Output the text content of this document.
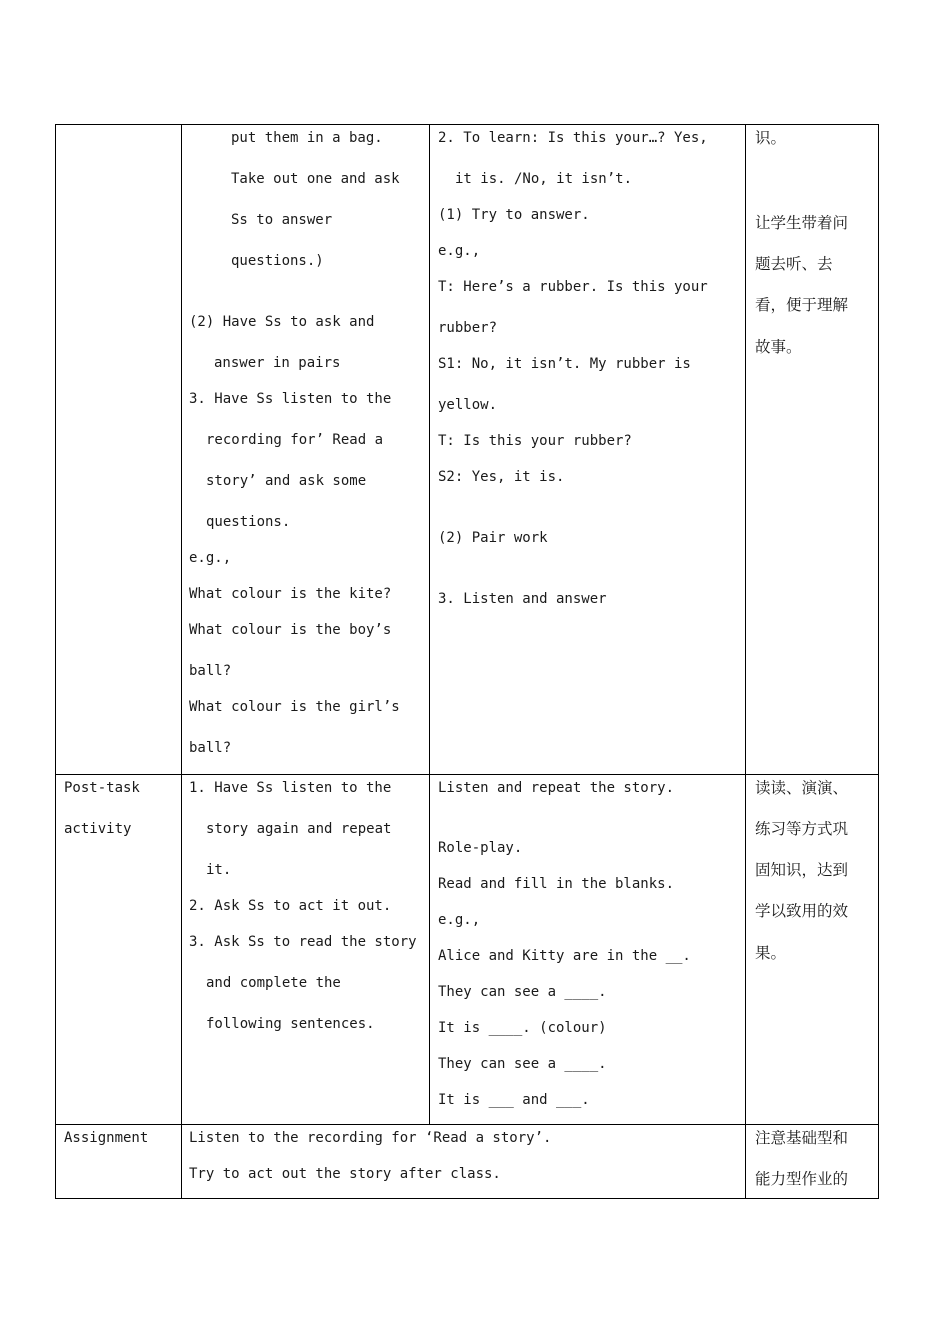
put them in a bag.
Take out one and ask
Ss to answer
questions.)
(2) Have Ss to ask and
answer in pairs
3. Have Ss listen to the
recording for’ Read a
story’ and ask some
questions.
e.g.,
What colour is the kite?
What colour is the boy’s
ball?
What colour is the girl’s
ball?
2. To learn: Is this your…? Yes,
it is. /No, it isn’t.
(1) Try to answer.
e.g.,
T: Here’s a rubber. Is this your
rubber?
S1: No, it isn’t. My rubber is
yellow.
T: Is this your rubber?
S2: Yes, it is.
(2) Pair work
3. Listen and answer
识。
让学生带着问
题去听、去
看，便于理解
故事。
Post-task
activity
1. Have Ss listen to the
story again and repeat
it.
2. Ask Ss to act it out.
3. Ask Ss to read the story
and complete the
following sentences.
Listen and repeat the story.
Role-play.
Read and fill in the blanks.
e.g.,
Alice and Kitty are in the __.
They can see a ____.
It is ____. (colour)
They can see a ____.
It is ___ and ___.
读读、演演、
练习等方式巩
固知识，达到
学以致用的效
果。
Assignment	Listen to the recording for ‘Read a story’.
Try to act out the story after class.
注意基础型和
能力型作业的
